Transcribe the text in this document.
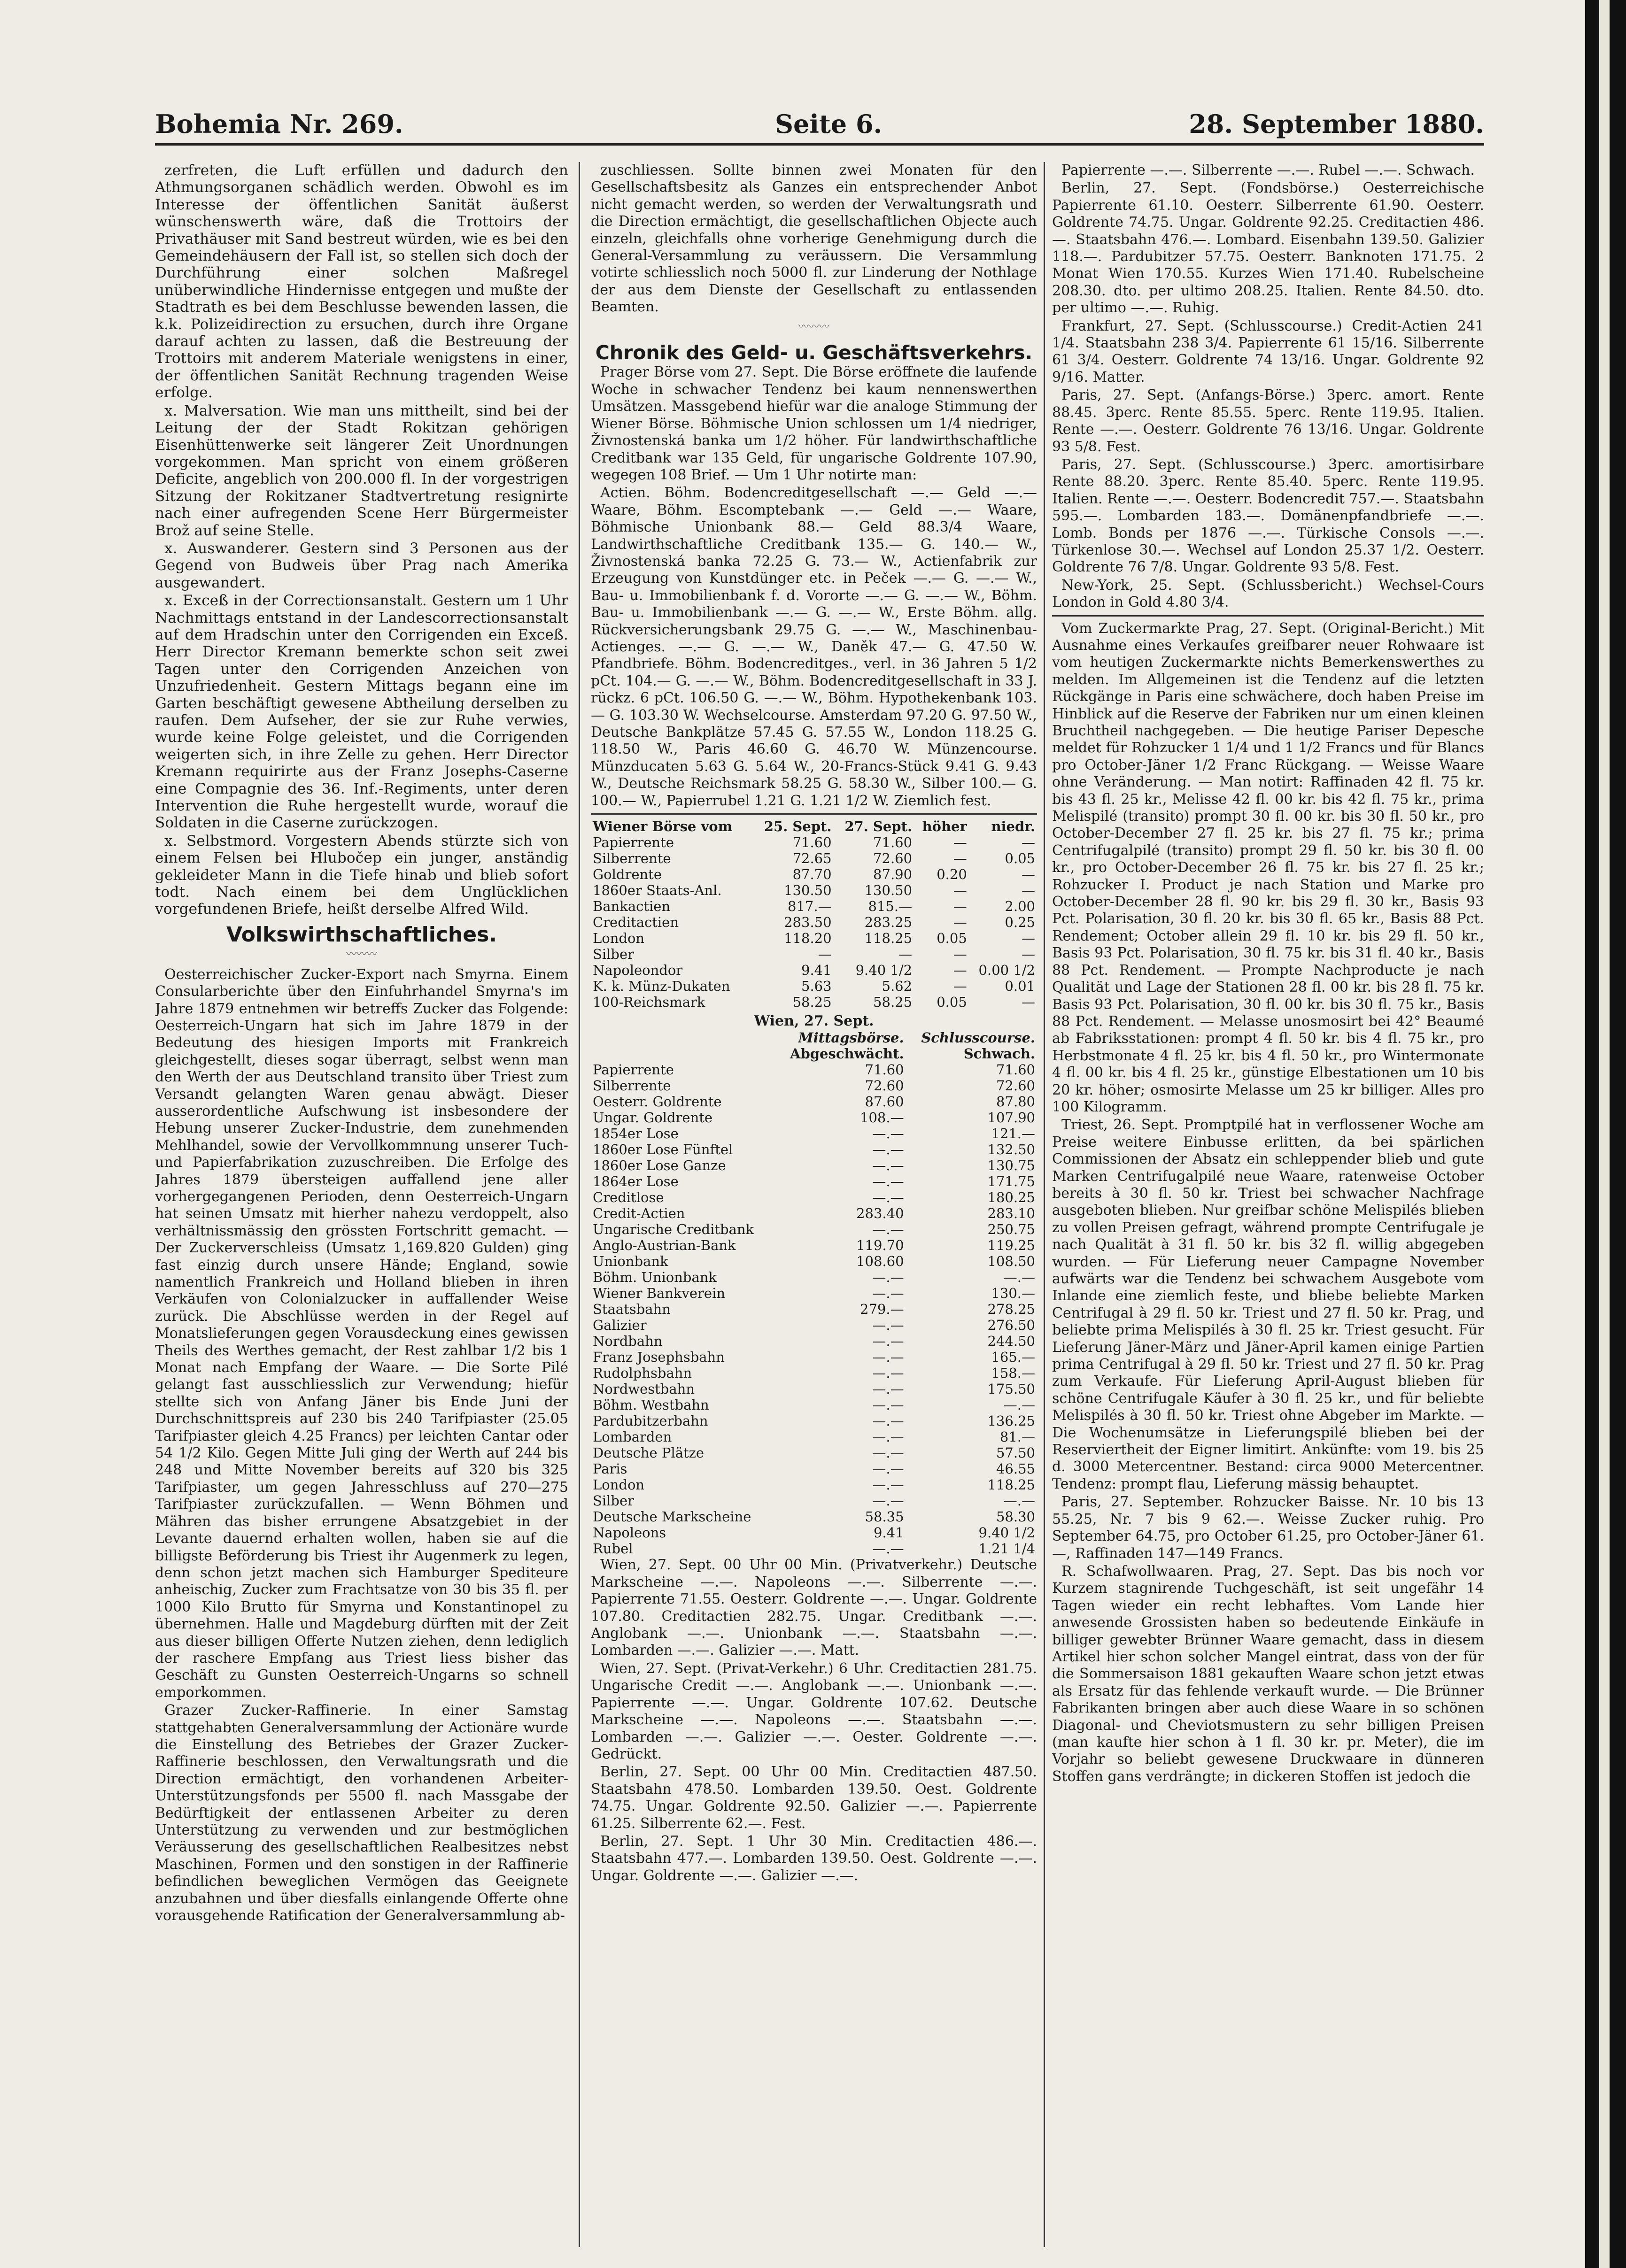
Bohemia Nr. 269.	Seite 6.	28. September 1880.

zerfreten, die Luft erfüllen und dadurch den Athmungsorganen schädlich werden. Obwohl es im Interesse der öffentlichen Sanität äußerst wünschenswerth wäre, daß die Trottoirs der Privathäuser mit Sand bestreut würden, wie es bei den Gemeindehäusern der Fall ist, so stellen sich doch der Durchführung einer solchen Maßregel unüberwindliche Hindernisse entgegen und mußte der Stadtrath es bei dem Beschlusse bewenden lassen, die k.k. Polizeidirection zu ersuchen, durch ihre Organe darauf achten zu lassen, daß die Bestreuung der Trottoirs mit anderem Materiale wenigstens in einer, der öffentlichen Sanität Rechnung tragenden Weise erfolge.

x. Malversation. Wie man uns mittheilt, sind bei der Leitung der der Stadt Rokitzan gehörigen Eisenhüttenwerke seit längerer Zeit Unordnungen vorgekommen. Man spricht von einem größeren Deficite, angeblich von 200.000 fl. In der vorgestrigen Sitzung der Rokitzaner Stadtvertretung resignirte nach einer aufregenden Scene Herr Bürgermeister Brož auf seine Stelle.

x. Auswanderer. Gestern sind 3 Personen aus der Gegend von Budweis über Prag nach Amerika ausgewandert.

x. Exceß in der Correctionsanstalt. Gestern um 1 Uhr Nachmittags entstand in der Landescorrectionsanstalt auf dem Hradschin unter den Corrigenden ein Exceß. Herr Director Kremann bemerkte schon seit zwei Tagen unter den Corrigenden Anzeichen von Unzufriedenheit. Gestern Mittags begann eine im Garten beschäftigt gewesene Abtheilung derselben zu raufen. Dem Aufseher, der sie zur Ruhe verwies, wurde keine Folge geleistet, und die Corrigenden weigerten sich, in ihre Zelle zu gehen. Herr Director Kremann requirirte aus der Franz Josephs-Caserne eine Compagnie des 36. Inf.-Regiments, unter deren Intervention die Ruhe hergestellt wurde, worauf die Soldaten in die Caserne zurückzogen.

x. Selbstmord. Vorgestern Abends stürzte sich von einem Felsen bei Hlubočep ein junger, anständig gekleideter Mann in die Tiefe hinab und blieb sofort todt. Nach einem bei dem Unglücklichen vorgefundenen Briefe, heißt derselbe Alfred Wild.

Volkswirthschaftliches.
〰〰〰

Oesterreichischer Zucker-Export nach Smyrna. Einem Consularberichte über den Einfuhrhandel Smyrna's im Jahre 1879 entnehmen wir betreffs Zucker das Folgende: Oesterreich-Ungarn hat sich im Jahre 1879 in der Bedeutung des hiesigen Imports mit Frankreich gleichgestellt, dieses sogar überragt, selbst wenn man den Werth der aus Deutschland transito über Triest zum Versandt gelangten Waren genau abwägt. Dieser ausserordentliche Aufschwung ist insbesondere der Hebung unserer Zucker-Industrie, dem zunehmenden Mehlhandel, sowie der Vervollkommnung unserer Tuch- und Papierfabrikation zuzuschreiben. Die Erfolge des Jahres 1879 übersteigen auffallend jene aller vorhergegangenen Perioden, denn Oesterreich-Ungarn hat seinen Umsatz mit hierher nahezu verdoppelt, also verhältnissmässig den grössten Fortschritt gemacht. — Der Zuckerverschleiss (Umsatz 1,169.820 Gulden) ging fast einzig durch unsere Hände; England, sowie namentlich Frankreich und Holland blieben in ihren Verkäufen von Colonialzucker in auffallender Weise zurück. Die Abschlüsse werden in der Regel auf Monatslieferungen gegen Vorausdeckung eines gewissen Theils des Werthes gemacht, der Rest zahlbar 1/2 bis 1 Monat nach Empfang der Waare. — Die Sorte Pilé gelangt fast ausschliesslich zur Verwendung; hiefür stellte sich von Anfang Jäner bis Ende Juni der Durchschnittspreis auf 230 bis 240 Tarifpiaster (25.05 Tarifpiaster gleich 4.25 Francs) per leichten Cantar oder 54 1/2 Kilo. Gegen Mitte Juli ging der Werth auf 244 bis 248 und Mitte November bereits auf 320 bis 325 Tarifpiaster, um gegen Jahresschluss auf 270—275 Tarifpiaster zurückzufallen. — Wenn Böhmen und Mähren das bisher errungene Absatzgebiet in der Levante dauernd erhalten wollen, haben sie auf die billigste Beförderung bis Triest ihr Augenmerk zu legen, denn schon jetzt machen sich Hamburger Spediteure anheischig, Zucker zum Frachtsatze von 30 bis 35 fl. per 1000 Kilo Brutto für Smyrna und Konstantinopel zu übernehmen. Halle und Magdeburg dürften mit der Zeit aus dieser billigen Offerte Nutzen ziehen, denn lediglich der raschere Empfang aus Triest liess bisher das Geschäft zu Gunsten Oesterreich-Ungarns so schnell emporkommen.

Grazer Zucker-Raffinerie. In einer Samstag stattgehabten Generalversammlung der Actionäre wurde die Einstellung des Betriebes der Grazer Zucker-Raffinerie beschlossen, den Verwaltungsrath und die Direction ermächtigt, den vorhandenen Arbeiter-Unterstützungsfonds per 5500 fl. nach Massgabe der Bedürftigkeit der entlassenen Arbeiter zu deren Unterstützung zu verwenden und zur bestmöglichen Veräusserung des gesellschaftlichen Realbesitzes nebst Maschinen, Formen und den sonstigen in der Raffinerie befindlichen beweglichen Vermögen das Geeignete anzubahnen und über diesfalls einlangende Offerte ohne vorausgehende Ratification der Generalversammlung ab-

zuschliessen. Sollte binnen zwei Monaten für den Gesellschaftsbesitz als Ganzes ein entsprechender Anbot nicht gemacht werden, so werden der Verwaltungsrath und die Direction ermächtigt, die gesellschaftlichen Objecte auch einzeln, gleichfalls ohne vorherige Genehmigung durch die General-Versammlung zu veräussern. Die Versammlung votirte schliesslich noch 5000 fl. zur Linderung der Nothlage der aus dem Dienste der Gesellschaft zu entlassenden Beamten.

〰〰〰
Chronik des Geld- u. Geschäftsverkehrs.

Prager Börse vom 27. Sept. Die Börse eröffnete die laufende Woche in schwacher Tendenz bei kaum nennenswerthen Umsätzen. Massgebend hiefür war die analoge Stimmung der Wiener Börse. Böhmische Union schlossen um 1/4 niedriger, Živnostenská banka um 1/2 höher. Für landwirthschaftliche Creditbank war 135 Geld, für ungarische Goldrente 107.90, wegegen 108 Brief. — Um 1 Uhr notirte man:

Actien. Böhm. Bodencreditgesellschaft —.— Geld —.— Waare, Böhm. Escomptebank —.— Geld —.— Waare, Böhmische Unionbank 88.— Geld 88.3/4 Waare, Landwirthschaftliche Creditbank 135.— G. 140.— W., Živnostenská banka 72.25 G. 73.— W., Actienfabrik zur Erzeugung von Kunstdünger etc. in Peček —.— G. —.— W., Bau- u. Immobilienbank f. d. Vororte —.— G. —.— W., Böhm. Bau- u. Immobilienbank —.— G. —.— W., Erste Böhm. allg. Rückversicherungsbank 29.75 G. —.— W., Maschinenbau-Actienges. —.— G. —.— W., Daněk 47.— G. 47.50 W. Pfandbriefe. Böhm. Bodencreditges., verl. in 36 Jahren 5 1/2 pCt. 104.— G. —.— W., Böhm. Bodencreditgesellschaft in 33 J. rückz. 6 pCt. 106.50 G. —.— W., Böhm. Hypothekenbank 103.— G. 103.30 W. Wechselcourse. Amsterdam 97.20 G. 97.50 W., Deutsche Bankplätze 57.45 G. 57.55 W., London 118.25 G. 118.50 W., Paris 46.60 G. 46.70 W. Münzencourse. Münzducaten 5.63 G. 5.64 W., 20-Francs-Stück 9.41 G. 9.43 W., Deutsche Reichsmark 58.25 G. 58.30 W., Silber 100.— G. 100.— W., Papierrubel 1.21 G. 1.21 1/2 W. Ziemlich fest.

Wiener Börse vom	25. Sept.	27. Sept.	höher	niedr.
Papierrente	71.60	71.60	—	—
Silberrente	72.65	72.60	—	0.05
Goldrente	87.70	87.90	0.20	—
1860er Staats-Anl.	130.50	130.50	—	—
Bankactien	817.—	815.—	—	2.00
Creditactien	283.50	283.25	—	0.25
London	118.20	118.25	0.05	—
Silber	—	—	—	—
Napoleondor	9.41	9.40 1/2	—	0.00 1/2
K. k. Münz-Dukaten	5.63	5.62	—	0.01
100-Reichsmark	58.25	58.25	0.05	—
Wien, 27. Sept.
	Mittagsbörse.	Schlusscourse.
	Abgeschwächt.	Schwach.
Papierrente	71.60	71.60
Silberrente	72.60	72.60
Oesterr. Goldrente	87.60	87.80
Ungar. Goldrente	108.—	107.90
1854er Lose	—.—	121.—
1860er Lose Fünftel	—.—	132.50
1860er Lose Ganze	—.—	130.75
1864er Lose	—.—	171.75
Creditlose	—.—	180.25
Credit-Actien	283.40	283.10
Ungarische Creditbank	—.—	250.75
Anglo-Austrian-Bank	119.70	119.25
Unionbank	108.60	108.50
Böhm. Unionbank	—.—	—.—
Wiener Bankverein	—.—	130.—
Staatsbahn	279.—	278.25
Galizier	—.—	276.50
Nordbahn	—.—	244.50
Franz Josephsbahn	—.—	165.—
Rudolphsbahn	—.—	158.—
Nordwestbahn	—.—	175.50
Böhm. Westbahn	—.—	—.—
Pardubitzerbahn	—.—	136.25
Lombarden	—.—	81.—
Deutsche Plätze	—.—	57.50
Paris	—.—	46.55
London	—.—	118.25
Silber	—.—	—.—
Deutsche Markscheine	58.35	58.30
Napoleons	9.41	9.40 1/2
Rubel	—.—	1.21 1/4

Wien, 27. Sept. 00 Uhr 00 Min. (Privatverkehr.) Deutsche Markscheine —.—. Napoleons —.—. Silberrente —.—. Papierrente 71.55. Oesterr. Goldrente —.—. Ungar. Goldrente 107.80. Creditactien 282.75. Ungar. Creditbank —.—. Anglobank —.—. Unionbank —.—. Staatsbahn —.—. Lombarden —.—. Galizier —.—. Matt.

Wien, 27. Sept. (Privat-Verkehr.) 6 Uhr. Creditactien 281.75. Ungarische Credit —.—. Anglobank —.—. Unionbank —.—. Papierrente —.—. Ungar. Goldrente 107.62. Deutsche Markscheine —.—. Napoleons —.—. Staatsbahn —.—. Lombarden —.—. Galizier —.—. Oester. Goldrente —.—. Gedrückt.

Berlin, 27. Sept. 00 Uhr 00 Min. Creditactien 487.50. Staatsbahn 478.50. Lombarden 139.50. Oest. Goldrente 74.75. Ungar. Goldrente 92.50. Galizier —.—. Papierrente 61.25. Silberrente 62.—. Fest.

Berlin, 27. Sept. 1 Uhr 30 Min. Creditactien 486.—. Staatsbahn 477.—. Lombarden 139.50. Oest. Goldrente —.—. Ungar. Goldrente —.—. Galizier —.—.

Papierrente —.—. Silberrente —.—. Rubel —.—. Schwach.

Berlin, 27. Sept. (Fondsbörse.) Oesterreichische Papierrente 61.10. Oesterr. Silberrente 61.90. Oesterr. Goldrente 74.75. Ungar. Goldrente 92.25. Creditactien 486.—. Staatsbahn 476.—. Lombard. Eisenbahn 139.50. Galizier 118.—. Pardubitzer 57.75. Oesterr. Banknoten 171.75. 2 Monat Wien 170.55. Kurzes Wien 171.40. Rubelscheine 208.30. dto. per ultimo 208.25. Italien. Rente 84.50. dto. per ultimo —.—. Ruhig.

Frankfurt, 27. Sept. (Schlusscourse.) Credit-Actien 241 1/4. Staatsbahn 238 3/4. Papierrente 61 15/16. Silberrente 61 3/4. Oesterr. Goldrente 74 13/16. Ungar. Goldrente 92 9/16. Matter.

Paris, 27. Sept. (Anfangs-Börse.) 3perc. amort. Rente 88.45. 3perc. Rente 85.55. 5perc. Rente 119.95. Italien. Rente —.—. Oesterr. Goldrente 76 13/16. Ungar. Goldrente 93 5/8. Fest.

Paris, 27. Sept. (Schlusscourse.) 3perc. amortisirbare Rente 88.20. 3perc. Rente 85.40. 5perc. Rente 119.95. Italien. Rente —.—. Oesterr. Bodencredit 757.—. Staatsbahn 595.—. Lombarden 183.—. Domänenpfandbriefe —.—. Lomb. Bonds per 1876 —.—. Türkische Consols —.—. Türkenlose 30.—. Wechsel auf London 25.37 1/2. Oesterr. Goldrente 76 7/8. Ungar. Goldrente 93 5/8. Fest.

New-York, 25. Sept. (Schlussbericht.) Wechsel-Cours London in Gold 4.80 3/4.

Vom Zuckermarkte Prag, 27. Sept. (Original-Bericht.) Mit Ausnahme eines Verkaufes greifbarer neuer Rohwaare ist vom heutigen Zuckermarkte nichts Bemerkenswerthes zu melden. Im Allgemeinen ist die Tendenz auf die letzten Rückgänge in Paris eine schwächere, doch haben Preise im Hinblick auf die Reserve der Fabriken nur um einen kleinen Bruchtheil nachgegeben. — Die heutige Pariser Depesche meldet für Rohzucker 1 1/4 und 1 1/2 Francs und für Blancs pro October-Jäner 1/2 Franc Rückgang. — Weisse Waare ohne Veränderung. — Man notirt: Raffinaden 42 fl. 75 kr. bis 43 fl. 25 kr., Melisse 42 fl. 00 kr. bis 42 fl. 75 kr., prima Melispilé (transito) prompt 30 fl. 00 kr. bis 30 fl. 50 kr., pro October-December 27 fl. 25 kr. bis 27 fl. 75 kr.; prima Centrifugalpilé (transito) prompt 29 fl. 50 kr. bis 30 fl. 00 kr., pro October-December 26 fl. 75 kr. bis 27 fl. 25 kr.; Rohzucker I. Product je nach Station und Marke pro October-December 28 fl. 90 kr. bis 29 fl. 30 kr., Basis 93 Pct. Polarisation, 30 fl. 20 kr. bis 30 fl. 65 kr., Basis 88 Pct. Rendement; October allein 29 fl. 10 kr. bis 29 fl. 50 kr., Basis 93 Pct. Polarisation, 30 fl. 75 kr. bis 31 fl. 40 kr., Basis 88 Pct. Rendement. — Prompte Nachproducte je nach Qualität und Lage der Stationen 28 fl. 00 kr. bis 28 fl. 75 kr. Basis 93 Pct. Polarisation, 30 fl. 00 kr. bis 30 fl. 75 kr., Basis 88 Pct. Rendement. — Melasse unosmosirt bei 42° Beaumé ab Fabriksstationen: prompt 4 fl. 50 kr. bis 4 fl. 75 kr., pro Herbstmonate 4 fl. 25 kr. bis 4 fl. 50 kr., pro Wintermonate 4 fl. 00 kr. bis 4 fl. 25 kr., günstige Elbestationen um 10 bis 20 kr. höher; osmosirte Melasse um 25 kr billiger. Alles pro 100 Kilogramm.

Triest, 26. Sept. Promptpilé hat in verflossener Woche am Preise weitere Einbusse erlitten, da bei spärlichen Commissionen der Absatz ein schleppender blieb und gute Marken Centrifugalpilé neue Waare, ratenweise October bereits à 30 fl. 50 kr. Triest bei schwacher Nachfrage ausgeboten blieben. Nur greifbar schöne Melispilés blieben zu vollen Preisen gefragt, während prompte Centrifugale je nach Qualität à 31 fl. 50 kr. bis 32 fl. willig abgegeben wurden. — Für Lieferung neuer Campagne November aufwärts war die Tendenz bei schwachem Ausgebote vom Inlande eine ziemlich feste, und bliebe beliebte Marken Centrifugal à 29 fl. 50 kr. Triest und 27 fl. 50 kr. Prag, und beliebte prima Melispilés à 30 fl. 25 kr. Triest gesucht. Für Lieferung Jäner-März und Jäner-April kamen einige Partien prima Centrifugal à 29 fl. 50 kr. Triest und 27 fl. 50 kr. Prag zum Verkaufe. Für Lieferung April-August blieben für schöne Centrifugale Käufer à 30 fl. 25 kr., und für beliebte Melispilés à 30 fl. 50 kr. Triest ohne Abgeber im Markte. — Die Wochenumsätze in Lieferungspilé blieben bei der Reserviertheit der Eigner limitirt. Ankünfte: vom 19. bis 25 d. 3000 Metercentner. Bestand: circa 9000 Metercentner. Tendenz: prompt flau, Lieferung mässig behauptet.

Paris, 27. September. Rohzucker Baisse. Nr. 10 bis 13 55.25, Nr. 7 bis 9 62.—. Weisse Zucker ruhig. Pro September 64.75, pro October 61.25, pro October-Jäner 61.—, Raffinaden 147—149 Francs.

R. Schafwollwaaren. Prag, 27. Sept. Das bis noch vor Kurzem stagnirende Tuchgeschäft, ist seit ungefähr 14 Tagen wieder ein recht lebhaftes. Vom Lande hier anwesende Grossisten haben so bedeutende Einkäufe in billiger gewebter Brünner Waare gemacht, dass in diesem Artikel hier schon solcher Mangel eintrat, dass von der für die Sommersaison 1881 gekauften Waare schon jetzt etwas als Ersatz für das fehlende verkauft wurde. — Die Brünner Fabrikanten bringen aber auch diese Waare in so schönen Diagonal- und Cheviotsmustern zu sehr billigen Preisen (man kaufte hier schon à 1 fl. 30 kr. pr. Meter), die im Vorjahr so beliebt gewesene Druckwaare in dünneren Stoffen gans verdrängte; in dickeren Stoffen ist jedoch die
